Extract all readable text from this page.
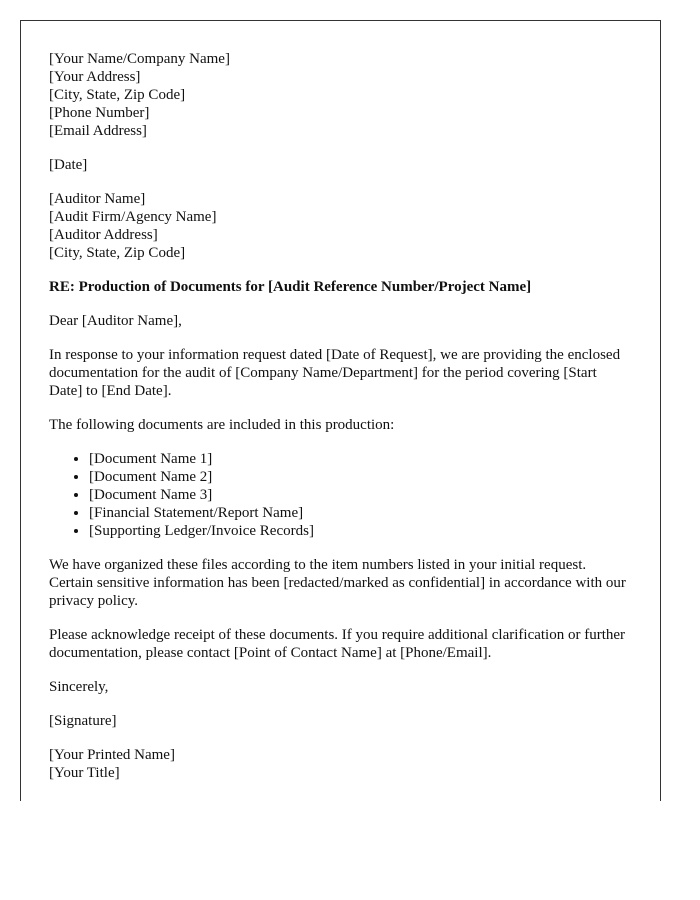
[Your Name/Company Name]
[Your Address]
[City, State, Zip Code]
[Phone Number]
[Email Address]

[Date]

[Auditor Name]
[Audit Firm/Agency Name]
[Auditor Address]
[City, State, Zip Code]

RE: Production of Documents for [Audit Reference Number/Project Name]

Dear [Auditor Name],

In response to your information request dated [Date of Request], we are providing the enclosed documentation for the audit of [Company Name/Department] for the period covering [Start Date] to [End Date].

The following documents are included in this production:

• [Document Name 1]
• [Document Name 2]
• [Document Name 3]
• [Financial Statement/Report Name]
• [Supporting Ledger/Invoice Records]

We have organized these files according to the item numbers listed in your initial request. Certain sensitive information has been [redacted/marked as confidential] in accordance with our privacy policy.

Please acknowledge receipt of these documents. If you require additional clarification or further documentation, please contact [Point of Contact Name] at [Phone/Email].

Sincerely,

[Signature]

[Your Printed Name]
[Your Title]
